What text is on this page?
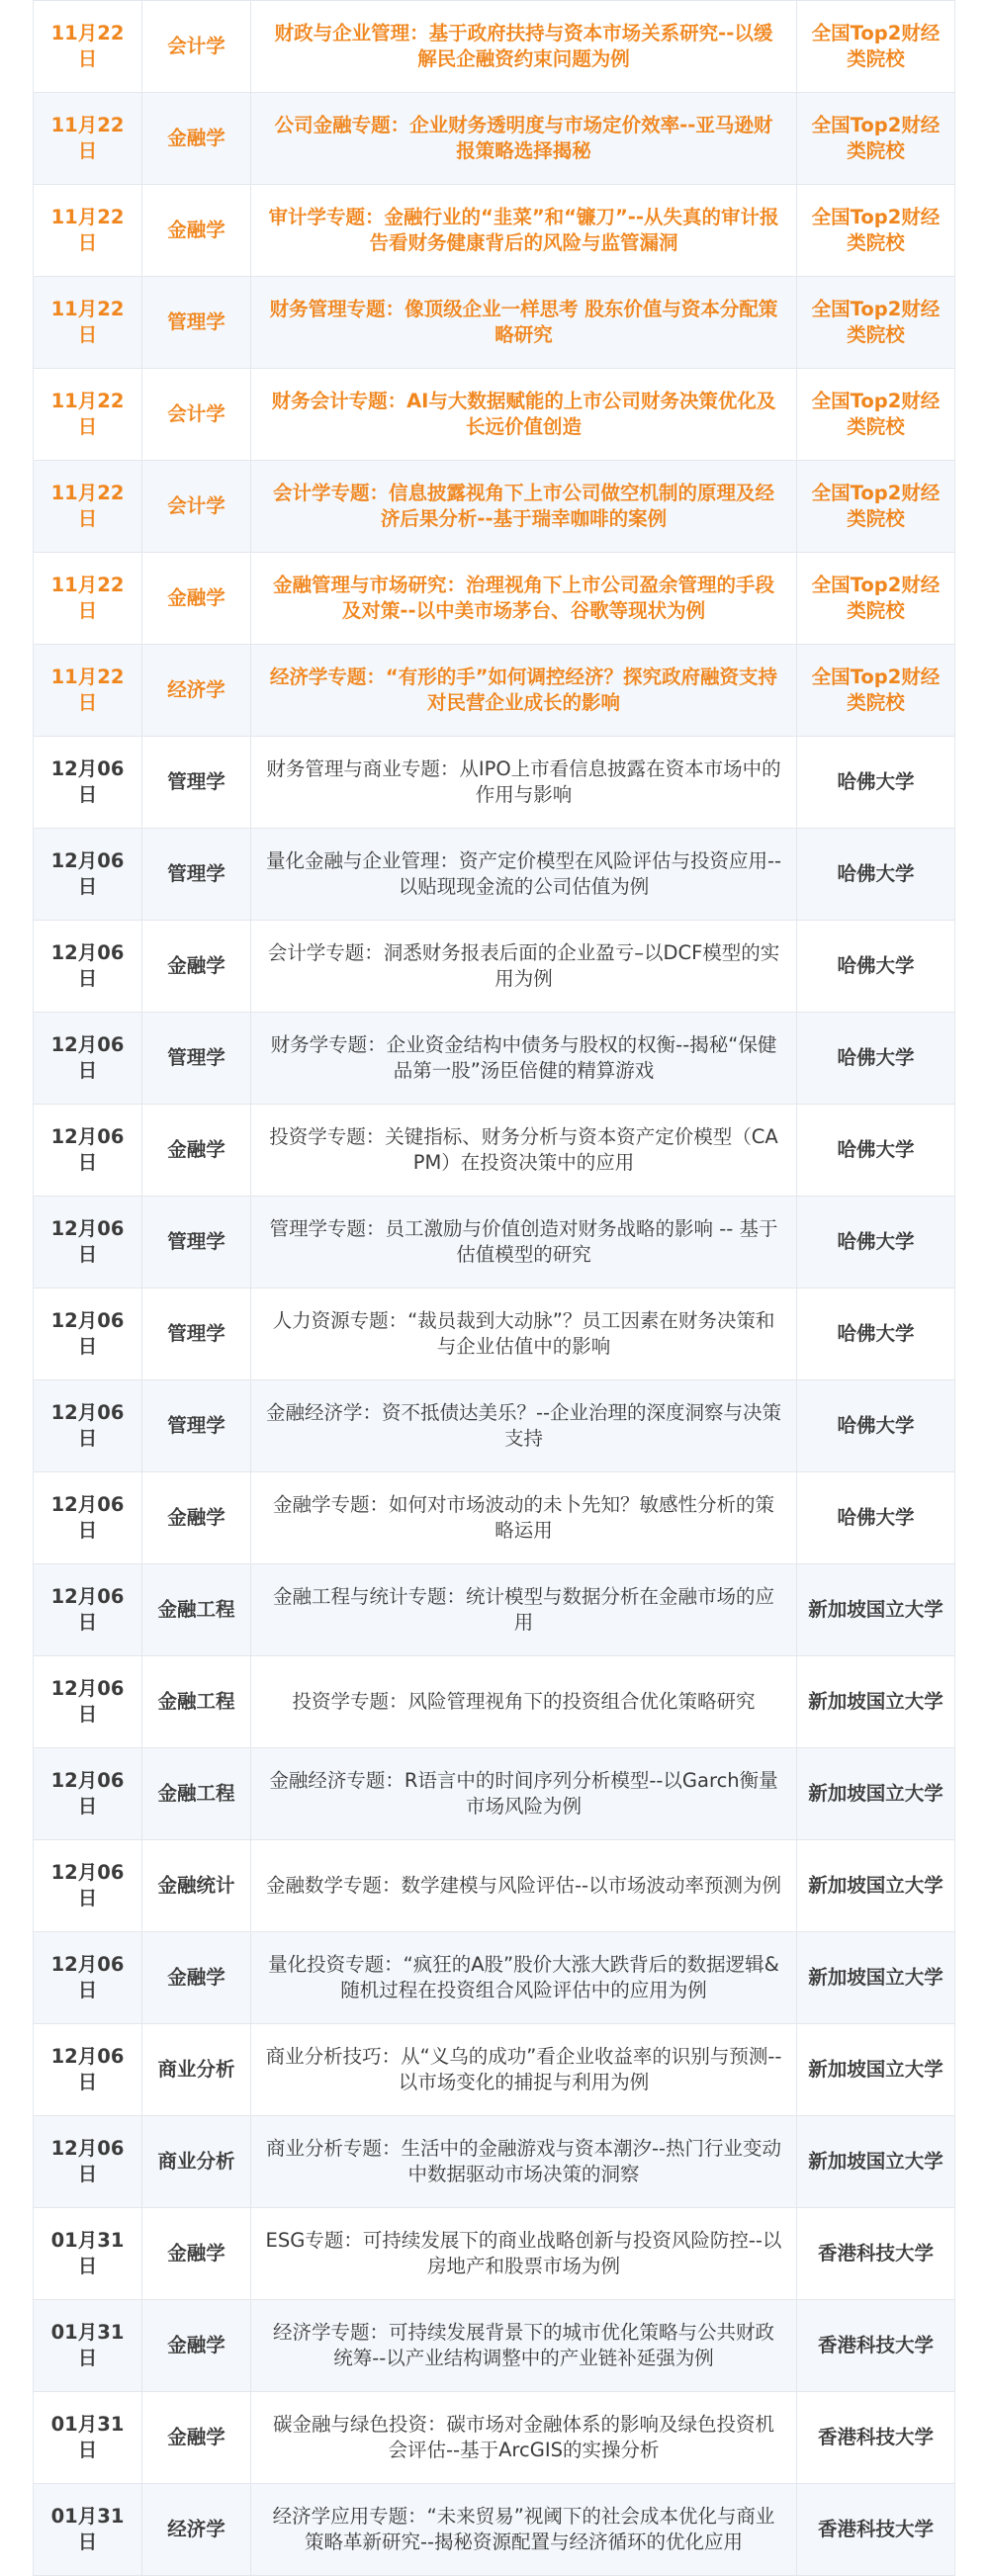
11月22日	会计学	财政与企业管理：基于政府扶持与资本市场关系研究--以缓解民企融资约束问题为例	全国Top2财经类院校
11月22日	金融学	公司金融专题：企业财务透明度与市场定价效率--亚马逊财报策略选择揭秘	全国Top2财经类院校
11月22日	金融学	审计学专题：金融行业的“韭菜”和“镰刀”--从失真的审计报告看财务健康背后的风险与监管漏洞	全国Top2财经类院校
11月22日	管理学	财务管理专题：像顶级企业一样思考 股东价值与资本分配策略研究	全国Top2财经类院校
11月22日	会计学	财务会计专题：AI与大数据赋能的上市公司财务决策优化及长远价值创造	全国Top2财经类院校
11月22日	会计学	会计学专题：信息披露视角下上市公司做空机制的原理及经济后果分析--基于瑞幸咖啡的案例	全国Top2财经类院校
11月22日	金融学	金融管理与市场研究：治理视角下上市公司盈余管理的手段及对策--以中美市场茅台、谷歌等现状为例	全国Top2财经类院校
11月22日	经济学	经济学专题：“有形的手”如何调控经济？探究政府融资支持对民营企业成长的影响	全国Top2财经类院校
12月06日	管理学	财务管理与商业专题：从IPO上市看信息披露在资本市场中的作用与影响	哈佛大学
12月06日	管理学	量化金融与企业管理：资产定价模型在风险评估与投资应用--以贴现现金流的公司估值为例	哈佛大学
12月06日	金融学	会计学专题：洞悉财务报表后面的企业盈亏–以DCF模型的实用为例	哈佛大学
12月06日	管理学	财务学专题：企业资金结构中债务与股权的权衡--揭秘“保健品第一股”汤臣倍健的精算游戏	哈佛大学
12月06日	金融学	投资学专题：关键指标、财务分析与资本资产定价模型（CAPM）在投资决策中的应用	哈佛大学
12月06日	管理学	管理学专题：员工激励与价值创造对财务战略的影响 -- 基于估值模型的研究	哈佛大学
12月06日	管理学	人力资源专题：“裁员裁到大动脉”？员工因素在财务决策和与企业估值中的影响	哈佛大学
12月06日	管理学	金融经济学：资不抵债达美乐？--企业治理的深度洞察与决策支持	哈佛大学
12月06日	金融学	金融学专题：如何对市场波动的未卜先知？敏感性分析的策略运用	哈佛大学
12月06日	金融工程	金融工程与统计专题：统计模型与数据分析在金融市场的应用	新加坡国立大学
12月06日	金融工程	投资学专题：风险管理视角下的投资组合优化策略研究	新加坡国立大学
12月06日	金融工程	金融经济专题：R语言中的时间序列分析模型--以Garch衡量市场风险为例	新加坡国立大学
12月06日	金融统计	金融数学专题：数学建模与风险评估--以市场波动率预测为例	新加坡国立大学
12月06日	金融学	量化投资专题：“疯狂的A股”股价大涨大跌背后的数据逻辑&随机过程在投资组合风险评估中的应用为例	新加坡国立大学
12月06日	商业分析	商业分析技巧：从“义乌的成功”看企业收益率的识别与预测--以市场变化的捕捉与利用为例	新加坡国立大学
12月06日	商业分析	商业分析专题：生活中的金融游戏与资本潮汐--热门行业变动中数据驱动市场决策的洞察	新加坡国立大学
01月31日	金融学	ESG专题：可持续发展下的商业战略创新与投资风险防控--以房地产和股票市场为例	香港科技大学
01月31日	金融学	经济学专题：可持续发展背景下的城市优化策略与公共财政统筹--以产业结构调整中的产业链补延强为例	香港科技大学
01月31日	金融学	碳金融与绿色投资：碳市场对金融体系的影响及绿色投资机会评估--基于ArcGIS的实操分析	香港科技大学
01月31日	经济学	经济学应用专题：“未来贸易”视阈下的社会成本优化与商业策略革新研究--揭秘资源配置与经济循环的优化应用	香港科技大学
